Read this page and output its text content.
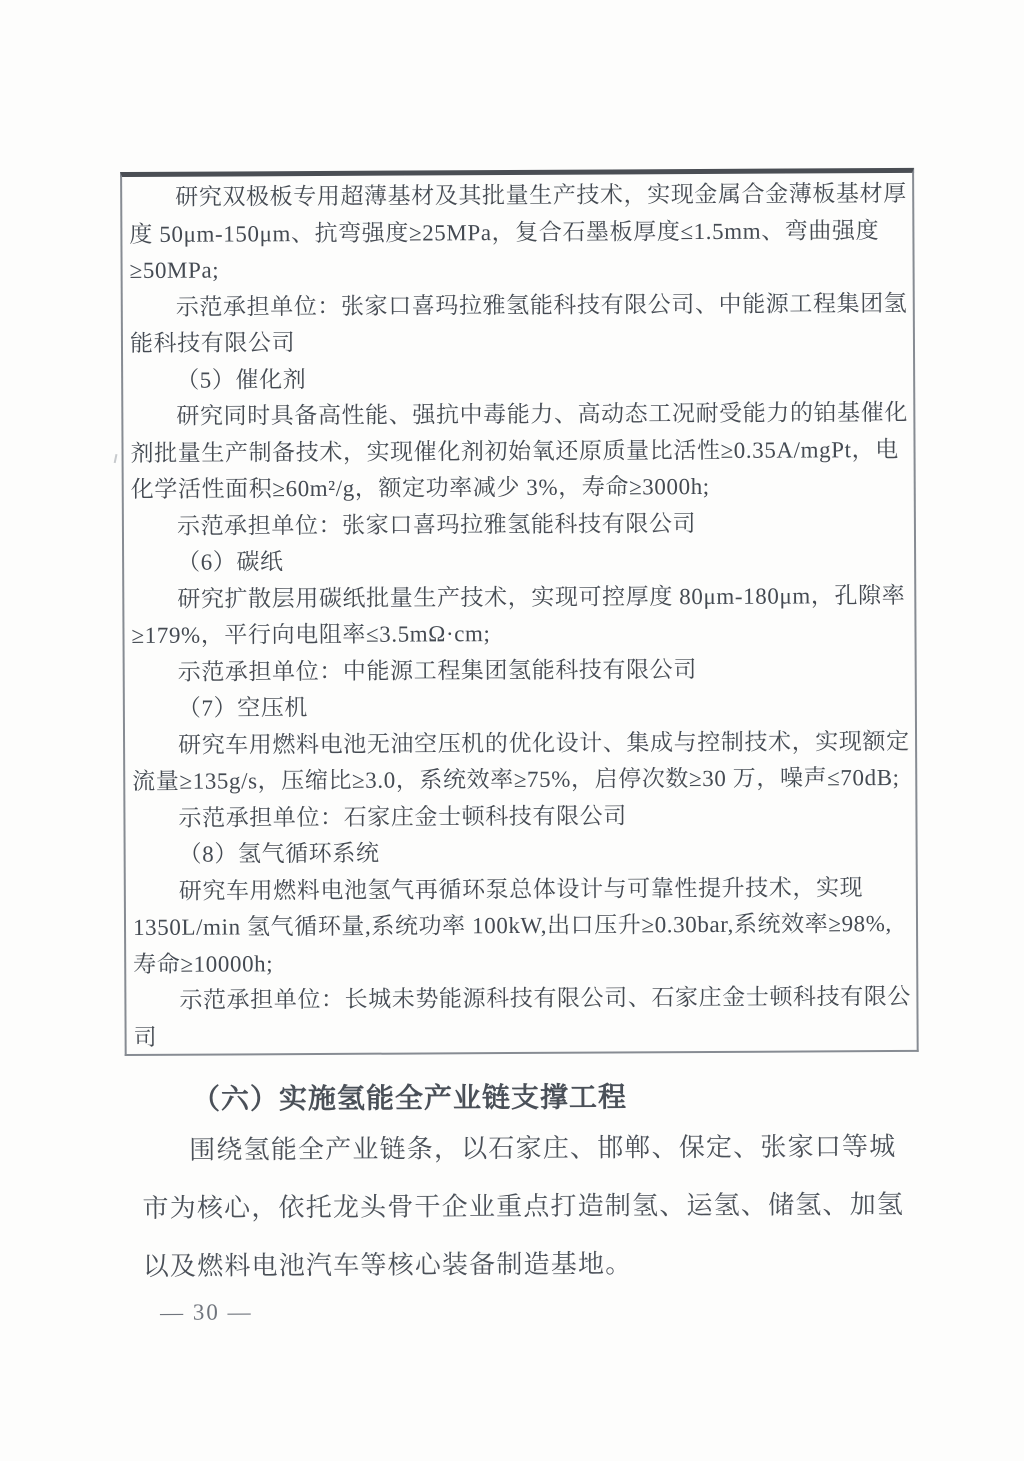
研究双极板专用超薄基材及其批量生产技术，实现金属合金薄板基材厚
度 50μm-150μm、抗弯强度≥25MPa，复合石墨板厚度≤1.5mm、弯曲强度
≥50MPa;
示范承担单位：张家口喜玛拉雅氢能科技有限公司、中能源工程集团氢
能科技有限公司
（5）催化剂
研究同时具备高性能、强抗中毒能力、高动态工况耐受能力的铂基催化
剂批量生产制备技术，实现催化剂初始氧还原质量比活性≥0.35A/mgPt，电
化学活性面积≥60m²/g，额定功率减少 3%，寿命≥3000h;
示范承担单位：张家口喜玛拉雅氢能科技有限公司
（6）碳纸
研究扩散层用碳纸批量生产技术，实现可控厚度 80μm-180μm，孔隙率
≥179%，平行向电阻率≤3.5mΩ·cm;
示范承担单位：中能源工程集团氢能科技有限公司
（7）空压机
研究车用燃料电池无油空压机的优化设计、集成与控制技术，实现额定
流量≥135g/s，压缩比≥3.0，系统效率≥75%，启停次数≥30 万，噪声≤70dB;
示范承担单位：石家庄金士顿科技有限公司
（8）氢气循环系统
研究车用燃料电池氢气再循环泵总体设计与可靠性提升技术，实现
1350L/min 氢气循环量,系统功率 100kW,出口压升≥0.30bar,系统效率≥98%,
寿命≥10000h;
示范承担单位：长城未势能源科技有限公司、石家庄金士顿科技有限公
司
（六）实施氢能全产业链支撑工程
围绕氢能全产业链条，以石家庄、邯郸、保定、张家口等城
市为核心，依托龙头骨干企业重点打造制氢、运氢、储氢、加氢
以及燃料电池汽车等核心装备制造基地。
— 30 —
